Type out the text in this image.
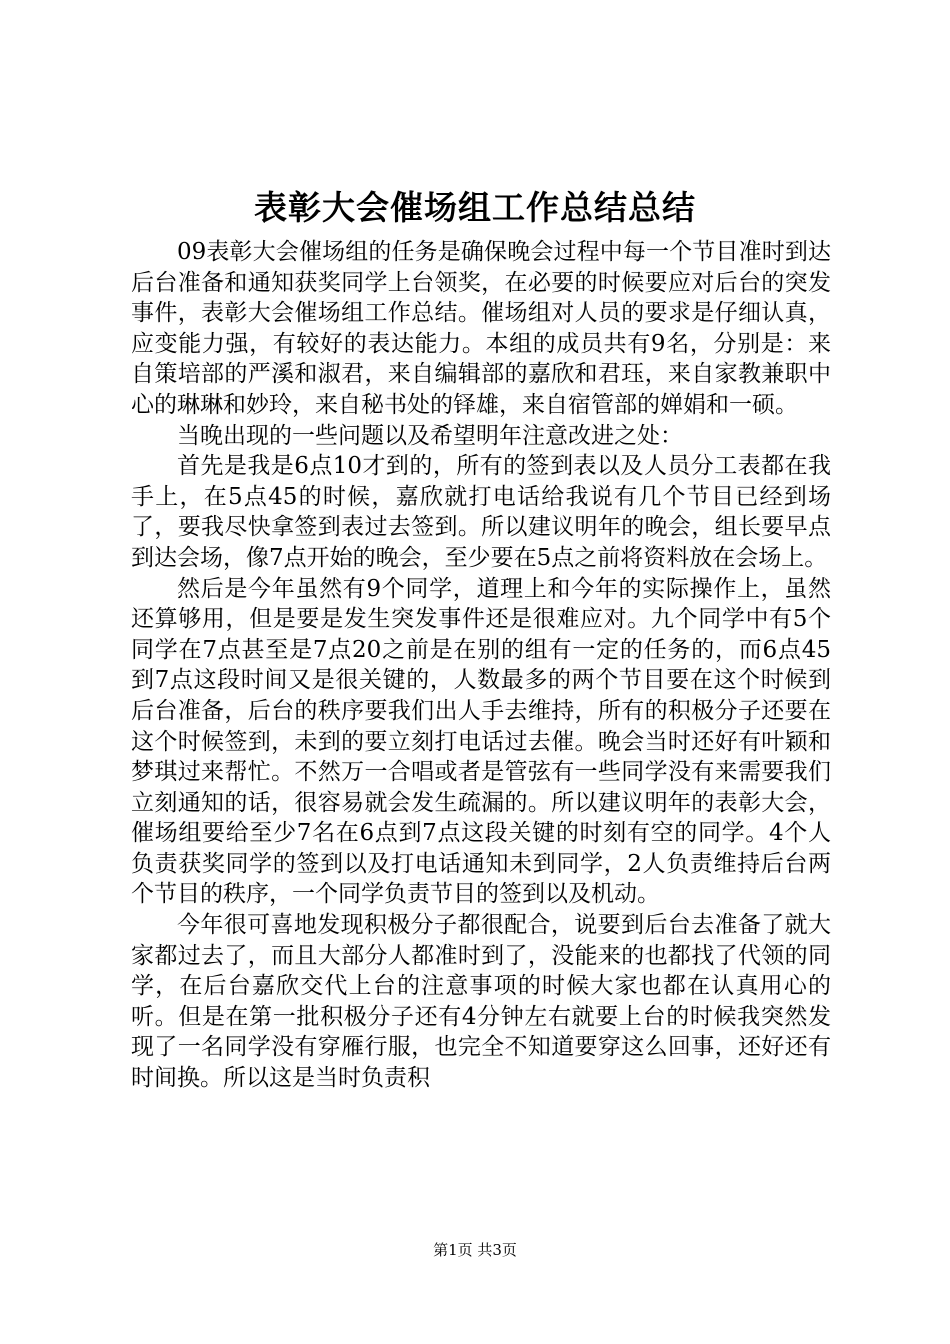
表彰大会催场组工作总结总结

09表彰大会催场组的任务是确保晚会过程中每一个节目准时到达后台准备和通知获奖同学上台领奖，在必要的时候要应对后台的突发事件，表彰大会催场组工作总结。催场组对人员的要求是仔细认真，应变能力强，有较好的表达能力。本组的成员共有9名，分别是：来自策培部的严溪和淑君，来自编辑部的嘉欣和君珏，来自家教兼职中心的琳琳和妙玲，来自秘书处的铎雄，来自宿管部的婵娟和一硕。

当晚出现的一些问题以及希望明年注意改进之处：

首先是我是6点10才到的，所有的签到表以及人员分工表都在我手上，在5点45的时候，嘉欣就打电话给我说有几个节目已经到场了，要我尽快拿签到表过去签到。所以建议明年的晚会，组长要早点到达会场，像7点开始的晚会，至少要在5点之前将资料放在会场上。

然后是今年虽然有9个同学，道理上和今年的实际操作上，虽然还算够用，但是要是发生突发事件还是很难应对。九个同学中有5个同学在7点甚至是7点20之前是在别的组有一定的任务的，而6点45到7点这段时间又是很关键的，人数最多的两个节目要在这个时候到后台准备，后台的秩序要我们出人手去维持，所有的积极分子还要在这个时候签到，未到的要立刻打电话过去催。晚会当时还好有叶颖和梦琪过来帮忙。不然万一合唱或者是管弦有一些同学没有来需要我们立刻通知的话，很容易就会发生疏漏的。所以建议明年的表彰大会，催场组要给至少7名在6点到7点这段关键的时刻有空的同学。4个人负责获奖同学的签到以及打电话通知未到同学，2人负责维持后台两个节目的秩序，一个同学负责节目的签到以及机动。

今年很可喜地发现积极分子都很配合，说要到后台去准备了就大家都过去了，而且大部分人都准时到了，没能来的也都找了代领的同学，在后台嘉欣交代上台的注意事项的时候大家也都在认真用心的听。但是在第一批积极分子还有4分钟左右就要上台的时候我突然发现了一名同学没有穿雁行服，也完全不知道要穿这么回事，还好还有时间换。所以这是当时负责积

第1页 共3页
